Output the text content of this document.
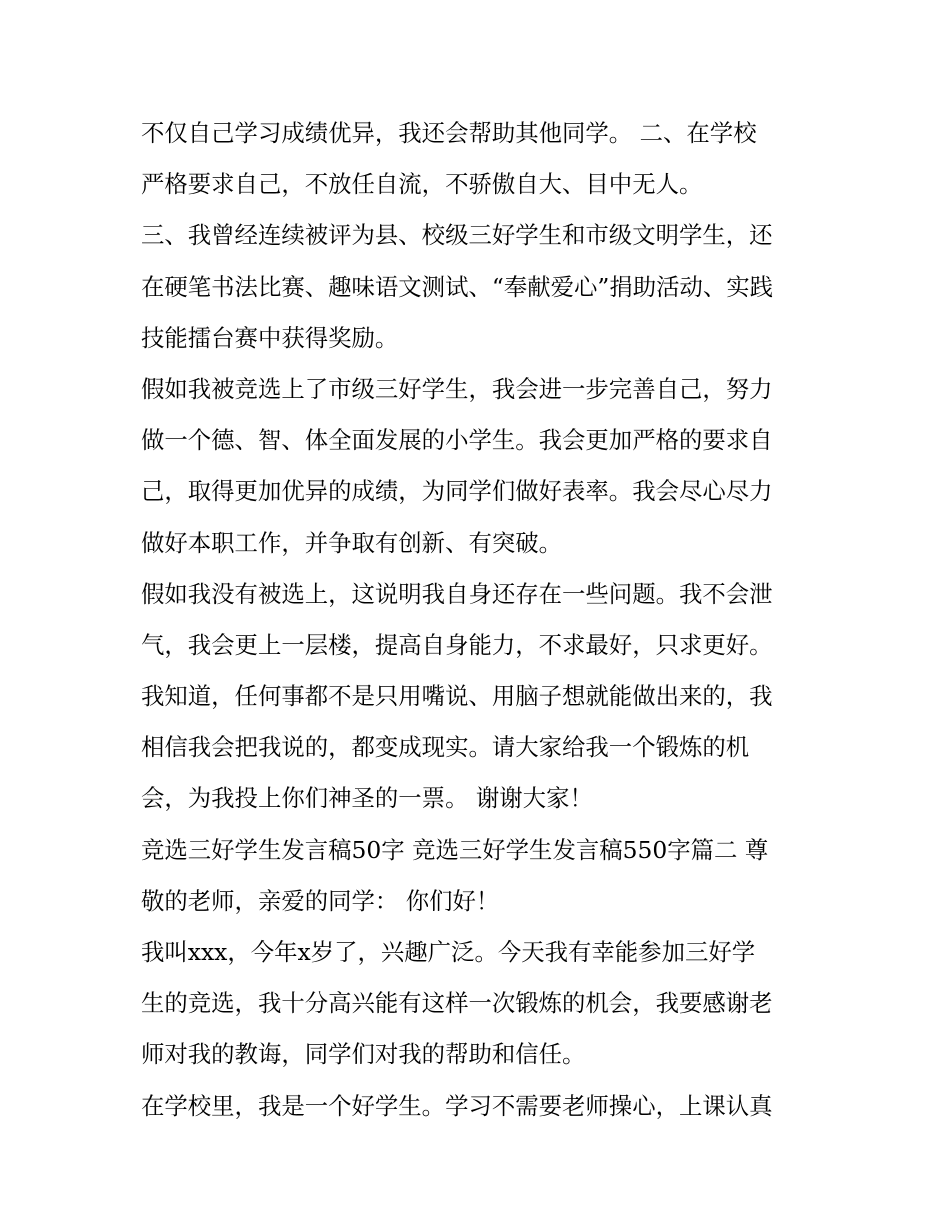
不仅自己学习成绩优异，我还会帮助其他同学。 二、在学校
严格要求自己，不放任自流，不骄傲自大、目中无人。
三、我曾经连续被评为县、校级三好学生和市级文明学生，还
在硬笔书法比赛、趣味语文测试、“奉献爱心”捐助活动、实践
技能擂台赛中获得奖励。
假如我被竞选上了市级三好学生，我会进一步完善自己，努力
做一个德、智、体全面发展的小学生。我会更加严格的要求自
己，取得更加优异的成绩，为同学们做好表率。我会尽心尽力
做好本职工作，并争取有创新、有突破。
假如我没有被选上，这说明我自身还存在一些问题。我不会泄
气，我会更上一层楼，提高自身能力，不求最好，只求更好。
我知道，任何事都不是只用嘴说、用脑子想就能做出来的，我
相信我会把我说的，都变成现实。请大家给我一个锻炼的机
会，为我投上你们神圣的一票。 谢谢大家！
竞选三好学生发言稿50字 竞选三好学生发言稿550字篇二 尊
敬的老师，亲爱的同学： 你们好！
我叫xxx，今年x岁了，兴趣广泛。今天我有幸能参加三好学
生的竞选，我十分高兴能有这样一次锻炼的机会，我要感谢老
师对我的教诲，同学们对我的帮助和信任。
在学校里，我是一个好学生。学习不需要老师操心，上课认真
